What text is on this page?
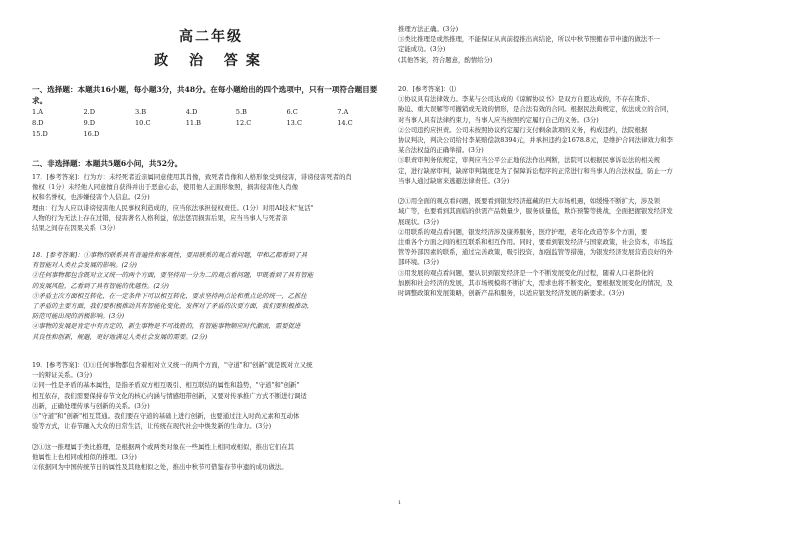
高二年级
政 治 答案

一、选择题：本题共16小题，每小题3分，共48分。在每小题给出的四个选项中，只有一项符合题目要求。

1.A	2.D	3.B	4.D	5.B	6.C	7.A
8.D	9.D	10.C	11.B	12.C	13.C	14.C
15.D	16.D					

二、非选择题：本题共5题6小问，共52分。

17．[参考答案]：行为方：未经死者近亲属同意使用其肖像，致死者肖像和人格形象受到侵害，诽谤侵害死者的肖

像权（1分）未经他人同意擅自获得并出于恶意心态，使用他人正面形象照，损害侵害他人肖像

权和名誉权，也涉嫌侵害个人信息。(2分)

理由：行为人应以诽谤侵害他人民事权利造成的，应当依法承担侵权责任。(1分）对用AI技术"复活"

人物的行为无法上存在过错，侵害著名人格利益，依法惩罚损害后果，应当当事人与死者亲

结果之间存在因果关系（3分）

18．[参考答案]：①事物的联系具有普遍性和客观性，要用联系的观点看问题，甲和乙都看到了具

有智能对人类社会发展的影响。(2分)

②任何事物都包含既对立又统一的两个方面，要坚持用一分为二的观点看问题，甲既看到了具有智能

的发展风险，乙看到了具有智能的优越性。(2分)

③矛盾主次方面相互转化，在一定条件下可以相互转化，要求坚持两点论和重点论的统一，乙抓住

了矛盾的主要方面，我们要积极推动其有智能化变化，发挥对了矛盾的次要方面，我们要积极推动，

防范可能出现的消极影响。(3分)

④事物的发展是肯定中有否定的，新生事物是不可战胜的，有智能事物顺应时代潮流，需要促进

其良性和创新，规避，更好地满足人类社会发展的需要。(2分)

19．[参考答案]：⑴①任何事物都包含着相对立又统一的两个方面，"守道"和"创新"就是既对立又统

一的辩证关系。(3分)

②同一性是矛盾的基本属性，是指矛盾双方相互吸引、相互联结的属性和趋势，"守道"和"创新"

相互依存，我们需要保持春节文化的核心内涵与情感纽带创新，又要对传承推广方式不断进行调适

出新，正确处理传承与创新的关系。(3分)

③"守道"和"创新"相互贯通。我们要在守道的基础上进行创新，也要通过注入时尚元素和互动体

验等方式，让春节融入大众的日常生活，让传统在现代社会中焕发新的生命力。(3分)

⑵①这一推理属于类比推理，是根据两个或两类对象在一些属性上相同或相似，推出它们在其

他属性上也相同或相似的推理。(3分)

②依据同为中国传统节日的属性及其他相似之处，推出中秋节可借鉴春节申遗的成功做法。

推理方法正确。(3分)

③类比推理是或然推理，不能保证从真前提推出真结论，所以中秋节照搬春节申遗的做法不一

定能成功。(3分)

(其他答案，符合题意，酌情给分)

20．[参考答案]：⑴

①协议具有法律效力。李某与公司达成的《谅解协议书》是双方自愿达成的，不存在欺诈、

胁迫、重大误解等可撤销或无效的情形，是合法有效的合同。根据民法典规定，依法成立的合同，

对当事人具有法律约束力，当事人应当按照约定履行自己的义务。(3分)

②公司违约应担责。公司未按照协议约定履行支付剩余款项的义务，构成违约，法院根据

协议判决，判决公司给付李某赔偿款8394元，并承担违约金1678.8元，是维护合同法律效力和李

某合法权益的正确举措。(3分)

③职责审判务依规定，审判应当公平公正地依法作出判断，法院可以根据民事诉讼法的相关规

定，进行缺席审判，缺席审判制度是为了保障诉讼程序的正常进行和当事人的合法权益，防止一方

当事人通过缺席来逃避法律责任。(3分)

⑵①用全面的观点看问题，既要看到银发经济蕴藏的巨大市场机遇，如缓慢不断扩大，涉及领

域广等，也要看到其面临的供需产品数量少，服务质量低，欺诈预警等挑战，全面把握银发经济发

展现状。(3分)

②用联系的观点看问题，银发经济涉及康养服务，医疗护理，老年化改造等多个方面，要

注重各个方面之间的相互联系和相互作用。同时，要看到银发经济与国家政策，社会资本，市场监

管等外部因素的联系，通过完善政策，吸引投资，加强监管等措施，为银发经济发展营造良好的外

部环境。(3分)

③用发展的观点看问题，要认识到银发经济是一个不断发展变化的过程，随着人口老龄化的

加剧和社会经济的发展，其市场规模将不断扩大，需求也将不断变化，要根据发展变化的情况，及

时调整政策和发展策略，创新产品和服务，以适应银发经济发展的新要求。(3分)

1
